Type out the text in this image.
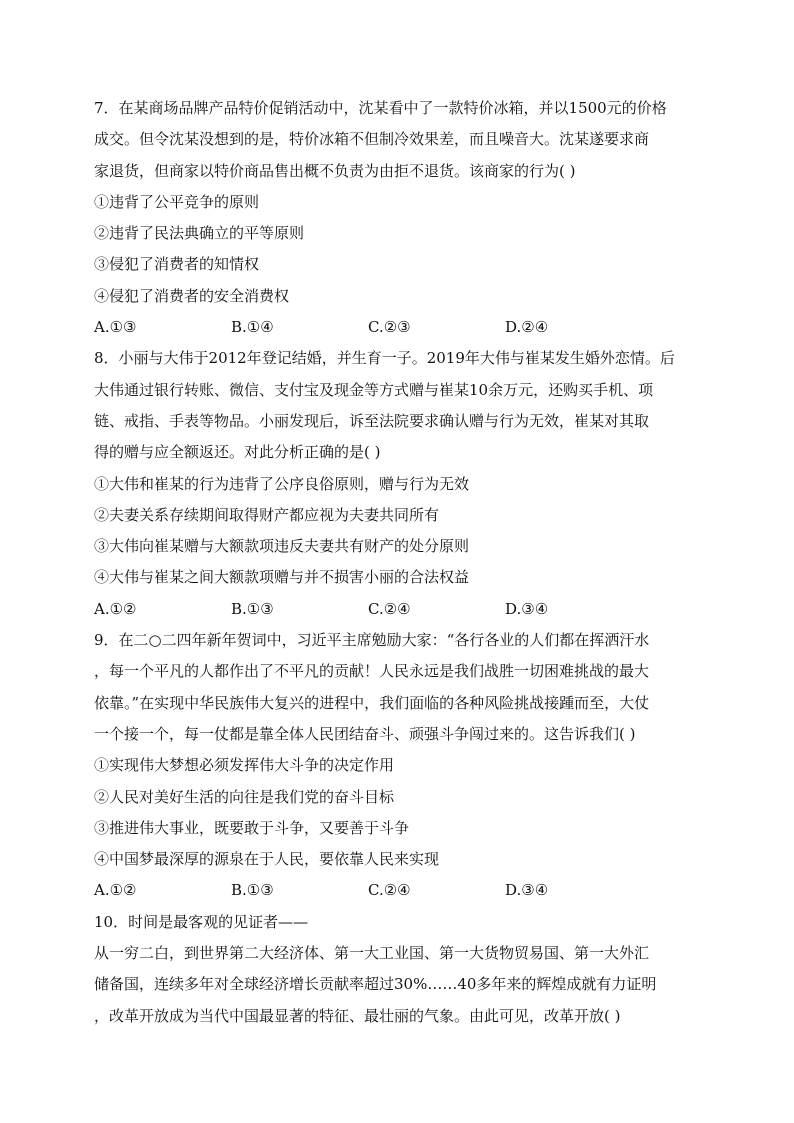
7．在某商场品牌产品特价促销活动中，沈某看中了一款特价冰箱，并以1500元的价格
成交。但令沈某没想到的是，特价冰箱不但制冷效果差，而且噪音大。沈某遂要求商
家退货，但商家以特价商品售出概不负责为由拒不退货。该商家的行为( )
①违背了公平竞争的原则
②违背了民法典确立的平等原则
③侵犯了消费者的知情权
④侵犯了消费者的安全消费权
A.①③	B.①④	C.②③	D.②④
8．小丽与大伟于2012年登记结婚，并生育一子。2019年大伟与崔某发生婚外恋情。后
大伟通过银行转账、微信、支付宝及现金等方式赠与崔某10余万元，还购买手机、项
链、戒指、手表等物品。小丽发现后，诉至法院要求确认赠与行为无效，崔某对其取
得的赠与应全额返还。对此分析正确的是( )
①大伟和崔某的行为违背了公序良俗原则，赠与行为无效
②夫妻关系存续期间取得财产都应视为夫妻共同所有
③大伟向崔某赠与大额款项违反夫妻共有财产的处分原则
④大伟与崔某之间大额款项赠与并不损害小丽的合法权益
A.①②	B.①③	C.②④	D.③④
9．在二○二四年新年贺词中，习近平主席勉励大家：“各行各业的人们都在挥洒汗水
，每一个平凡的人都作出了不平凡的贡献！人民永远是我们战胜一切困难挑战的最大
依靠。”在实现中华民族伟大复兴的进程中，我们面临的各种风险挑战接踵而至，大仗
一个接一个，每一仗都是靠全体人民团结奋斗、顽强斗争闯过来的。这告诉我们( )
①实现伟大梦想必须发挥伟大斗争的决定作用
②人民对美好生活的向往是我们党的奋斗目标
③推进伟大事业，既要敢于斗争，又要善于斗争
④中国梦最深厚的源泉在于人民，要依靠人民来实现
A.①②	B.①③	C.②④	D.③④
10．时间是最客观的见证者——
从一穷二白，到世界第二大经济体、第一大工业国、第一大货物贸易国、第一大外汇
储备国，连续多年对全球经济增长贡献率超过30%……40多年来的辉煌成就有力证明
，改革开放成为当代中国最显著的特征、最壮丽的气象。由此可见，改革开放( )
